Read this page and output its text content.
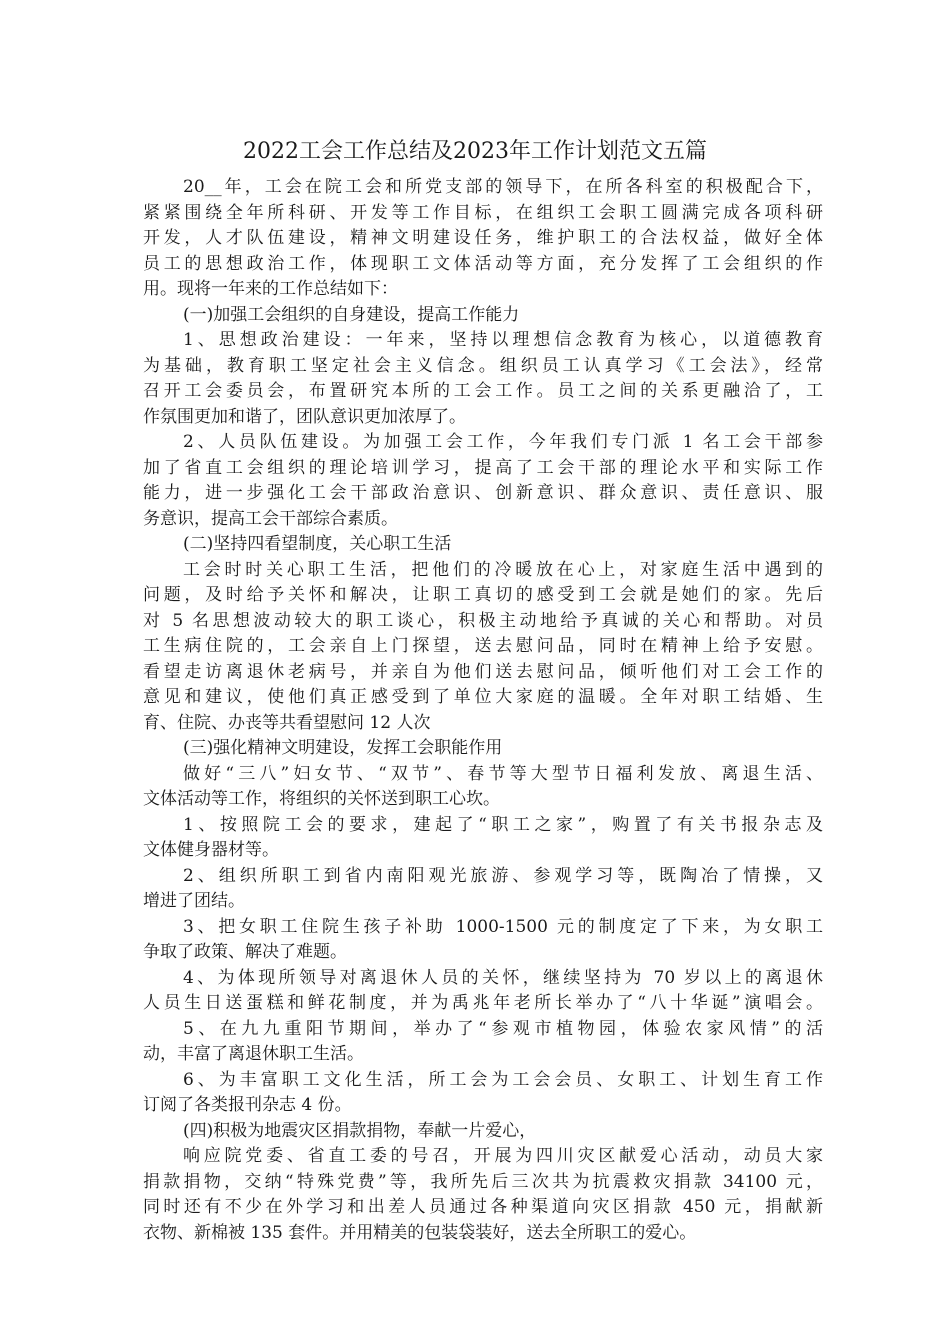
2022工会工作总结及2023年工作计划范文五篇
20__年，工会在院工会和所党支部的领导下，在所各科室的积极配合下，
紧紧围绕全年所科研、开发等工作目标，在组织工会职工圆满完成各项科研
开发，人才队伍建设，精神文明建设任务，维护职工的合法权益，做好全体
员工的思想政治工作，体现职工文体活动等方面，充分发挥了工会组织的作
用。现将一年来的工作总结如下：
(一)加强工会组织的自身建设，提高工作能力
1、思想政治建设：一年来，坚持以理想信念教育为核心，以道德教育
为基础，教育职工坚定社会主义信念。组织员工认真学习《工会法》，经常
召开工会委员会，布置研究本所的工会工作。员工之间的关系更融洽了，工
作氛围更加和谐了，团队意识更加浓厚了。
2、人员队伍建设。为加强工会工作，今年我们专门派 1 名工会干部参
加了省直工会组织的理论培训学习，提高了工会干部的理论水平和实际工作
能力，进一步强化工会干部政治意识、创新意识、群众意识、责任意识、服
务意识，提高工会干部综合素质。
(二)坚持四看望制度，关心职工生活
工会时时关心职工生活，把他们的冷暖放在心上，对家庭生活中遇到的
问题，及时给予关怀和解决，让职工真切的感受到工会就是她们的家。先后
对 5 名思想波动较大的职工谈心，积极主动地给予真诚的关心和帮助。对员
工生病住院的，工会亲自上门探望，送去慰问品，同时在精神上给予安慰。
看望走访离退休老病号，并亲自为他们送去慰问品，倾听他们对工会工作的
意见和建议，使他们真正感受到了单位大家庭的温暖。全年对职工结婚、生
育、住院、办丧等共看望慰问 12 人次
(三)强化精神文明建设，发挥工会职能作用
做好“三八”妇女节、“双节”、春节等大型节日福利发放、离退生活、
文体活动等工作，将组织的关怀送到职工心坎。
1、按照院工会的要求，建起了“职工之家”，购置了有关书报杂志及
文体健身器材等。
2、组织所职工到省内南阳观光旅游、参观学习等，既陶冶了情操，又
增进了团结。
3、把女职工住院生孩子补助 1000-1500 元的制度定了下来，为女职工
争取了政策、解决了难题。
4、为体现所领导对离退休人员的关怀，继续坚持为 70 岁以上的离退休
人员生日送蛋糕和鲜花制度，并为禹兆年老所长举办了“八十华诞”演唱会。
5、在九九重阳节期间，举办了“参观市植物园，体验农家风情”的活
动，丰富了离退休职工生活。
6、为丰富职工文化生活，所工会为工会会员、女职工、计划生育工作
订阅了各类报刊杂志 4 份。
(四)积极为地震灾区捐款捐物，奉献一片爱心，
响应院党委、省直工委的号召，开展为四川灾区献爱心活动，动员大家
捐款捐物，交纳“特殊党费”等，我所先后三次共为抗震救灾捐款 34100 元，
同时还有不少在外学习和出差人员通过各种渠道向灾区捐款 450 元，捐献新
衣物、新棉被 135 套件。并用精美的包装袋装好，送去全所职工的爱心。
